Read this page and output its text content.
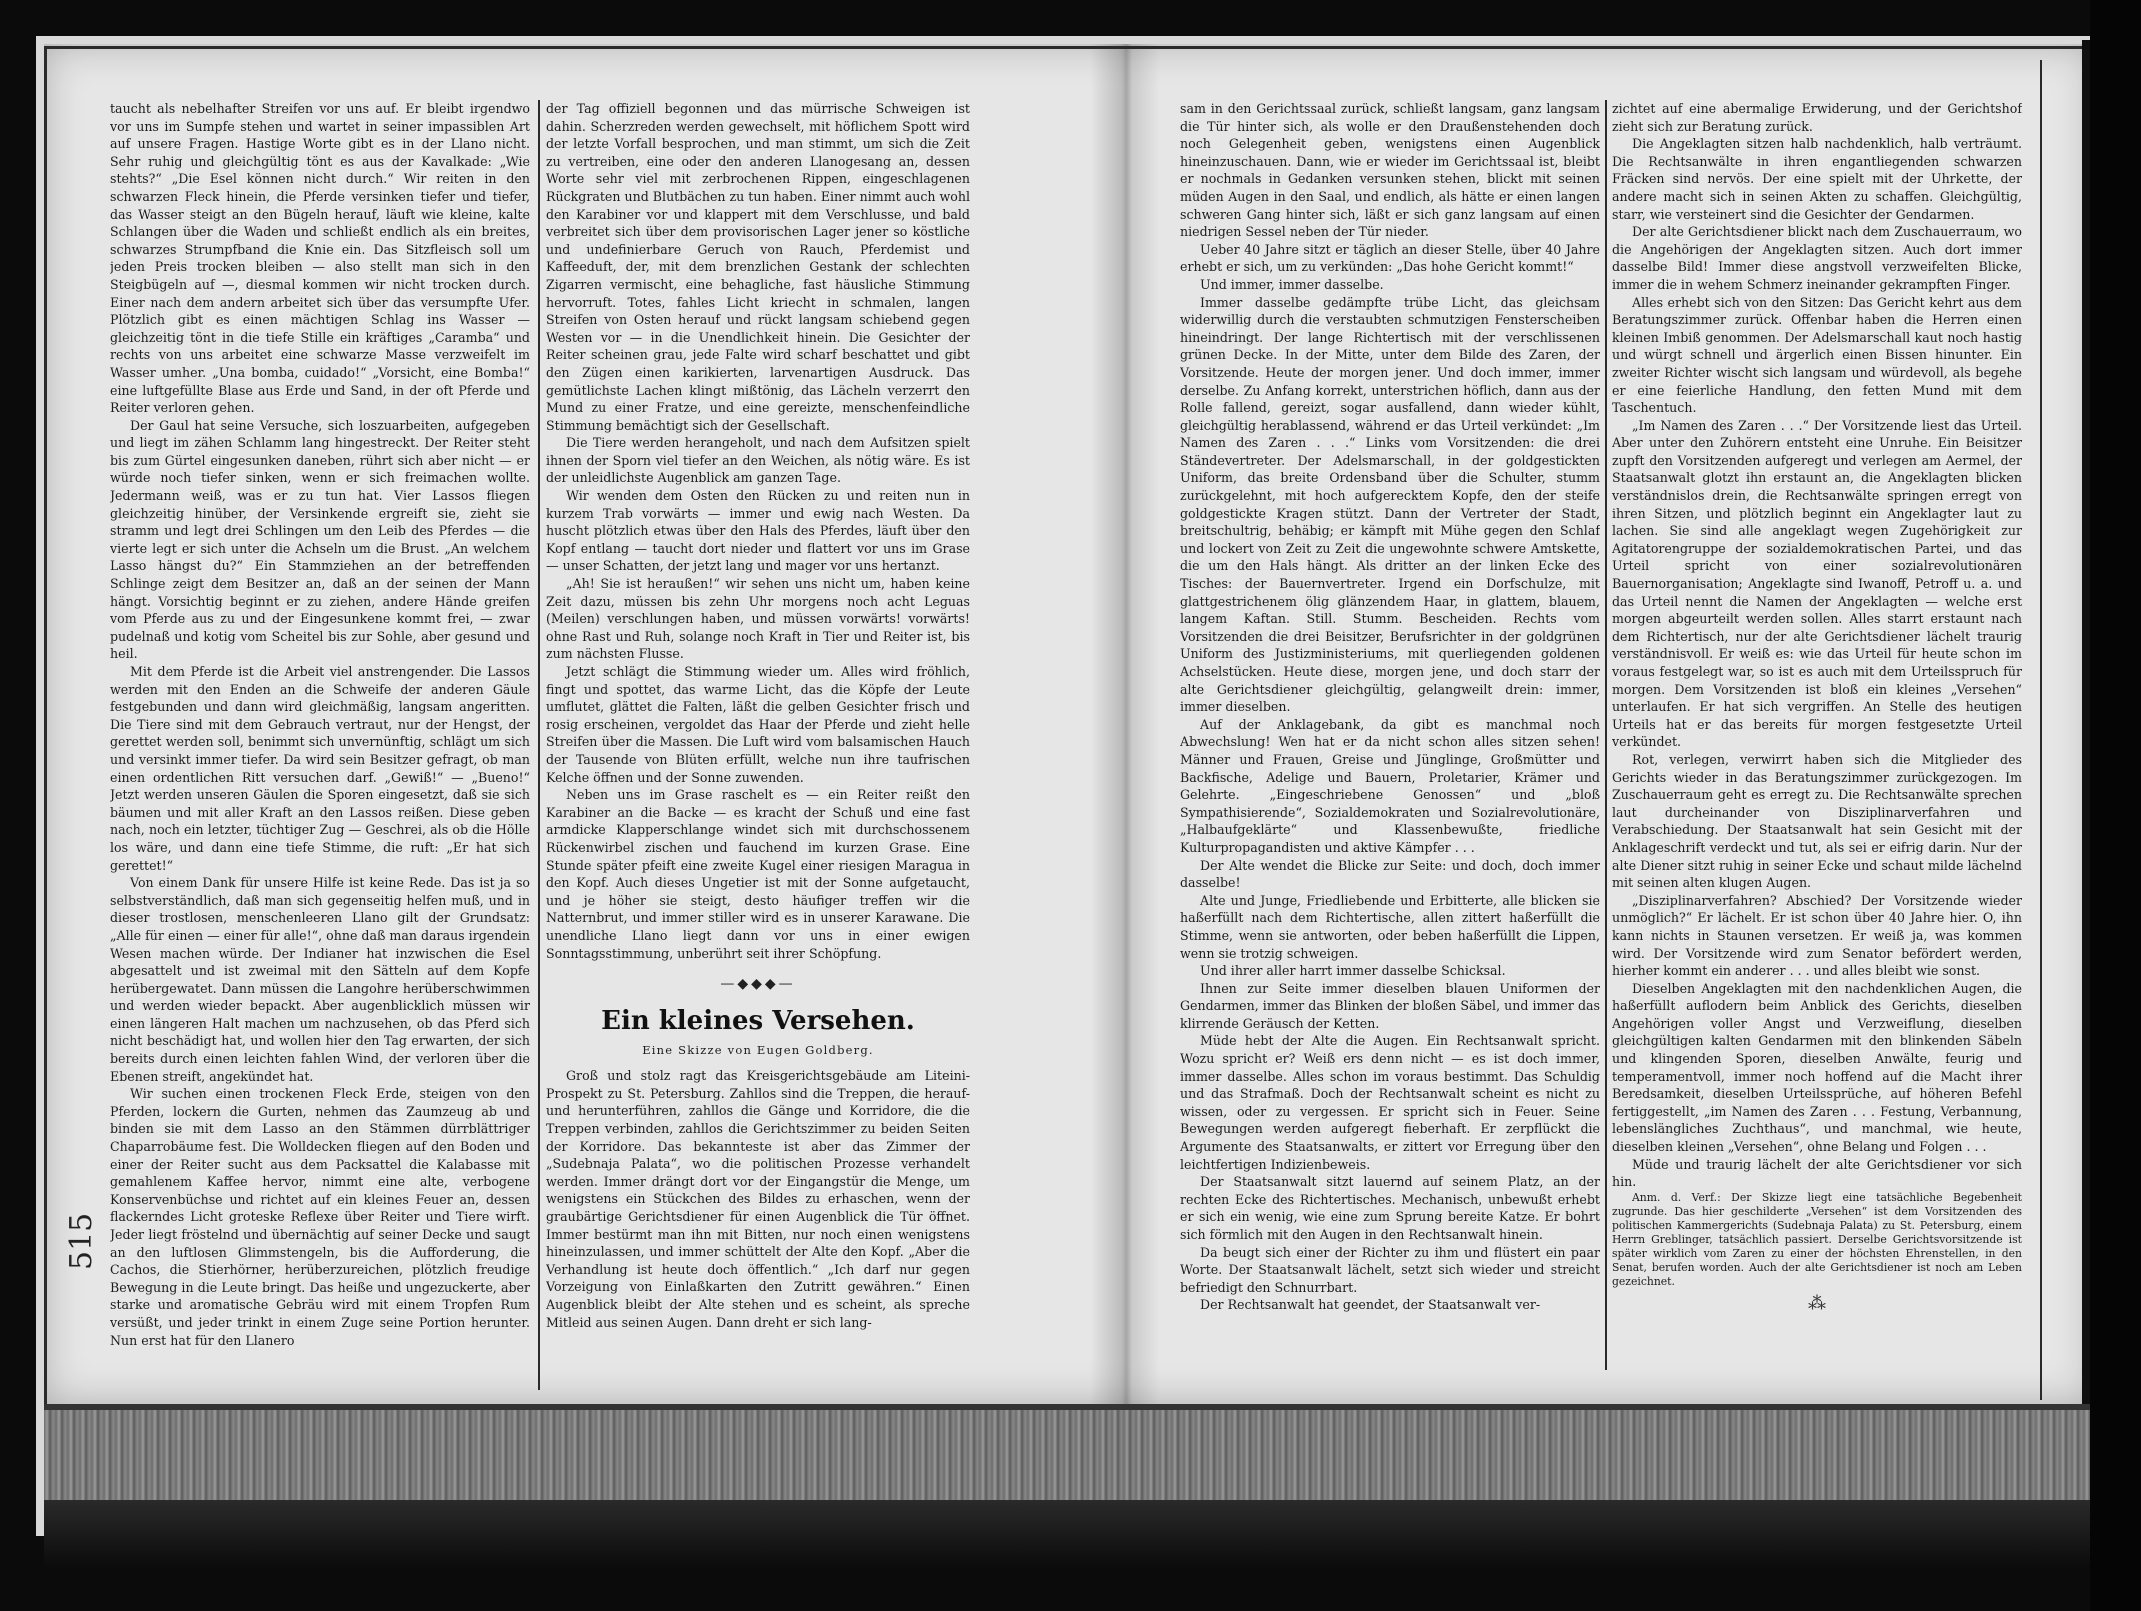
515

taucht als nebelhafter Streifen vor uns auf. Er bleibt irgendwo vor uns im Sumpfe stehen und wartet in seiner impassiblen Art auf unsere Fragen. Hastige Worte gibt es in der Llano nicht. Sehr ruhig und gleichgültig tönt es aus der Kavalkade: „Wie stehts?“ „Die Esel können nicht durch.“ Wir reiten in den schwarzen Fleck hinein, die Pferde versinken tiefer und tiefer, das Wasser steigt an den Bügeln herauf, läuft wie kleine, kalte Schlangen über die Waden und schließt endlich als ein breites, schwarzes Strumpfband die Knie ein. Das Sitzfleisch soll um jeden Preis trocken bleiben — also stellt man sich in den Steigbügeln auf —, diesmal kommen wir nicht trocken durch. Einer nach dem andern arbeitet sich über das versumpfte Ufer. Plötzlich gibt es einen mächtigen Schlag ins Wasser — gleichzeitig tönt in die tiefe Stille ein kräftiges „Caramba“ und rechts von uns arbeitet eine schwarze Masse verzweifelt im Wasser umher. „Una bomba, cuidado!“ „Vorsicht, eine Bomba!“ eine luftgefüllte Blase aus Erde und Sand, in der oft Pferde und Reiter verloren gehen.

Der Gaul hat seine Versuche, sich loszuarbeiten, aufgegeben und liegt im zähen Schlamm lang hingestreckt. Der Reiter steht bis zum Gürtel eingesunken daneben, rührt sich aber nicht — er würde noch tiefer sinken, wenn er sich freimachen wollte. Jedermann weiß, was er zu tun hat. Vier Lassos fliegen gleichzeitig hinüber, der Versinkende ergreift sie, zieht sie stramm und legt drei Schlingen um den Leib des Pferdes — die vierte legt er sich unter die Achseln um die Brust. „An welchem Lasso hängst du?“ Ein Stammziehen an der betreffenden Schlinge zeigt dem Besitzer an, daß an der seinen der Mann hängt. Vorsichtig beginnt er zu ziehen, andere Hände greifen vom Pferde aus zu und der Eingesunkene kommt frei, — zwar pudelnaß und kotig vom Scheitel bis zur Sohle, aber gesund und heil.

Mit dem Pferde ist die Arbeit viel anstrengender. Die Lassos werden mit den Enden an die Schweife der anderen Gäule festgebunden und dann wird gleichmäßig, langsam angeritten. Die Tiere sind mit dem Gebrauch vertraut, nur der Hengst, der gerettet werden soll, benimmt sich unvernünftig, schlägt um sich und versinkt immer tiefer. Da wird sein Besitzer gefragt, ob man einen ordentlichen Ritt versuchen darf. „Gewiß!“ — „Bueno!“ Jetzt werden unseren Gäulen die Sporen eingesetzt, daß sie sich bäumen und mit aller Kraft an den Lassos reißen. Diese geben nach, noch ein letzter, tüchtiger Zug — Geschrei, als ob die Hölle los wäre, und dann eine tiefe Stimme, die ruft: „Er hat sich gerettet!“

Von einem Dank für unsere Hilfe ist keine Rede. Das ist ja so selbstverständlich, daß man sich gegenseitig helfen muß, und in dieser trostlosen, menschenleeren Llano gilt der Grundsatz: „Alle für einen — einer für alle!“, ohne daß man daraus irgendein Wesen machen würde. Der Indianer hat inzwischen die Esel abgesattelt und ist zweimal mit den Sätteln auf dem Kopfe herübergewatet. Dann müssen die Langohre herüberschwimmen und werden wieder bepackt. Aber augenblicklich müssen wir einen längeren Halt machen um nachzusehen, ob das Pferd sich nicht beschädigt hat, und wollen hier den Tag erwarten, der sich bereits durch einen leichten fahlen Wind, der verloren über die Ebenen streift, angekündet hat.

Wir suchen einen trockenen Fleck Erde, steigen von den Pferden, lockern die Gurten, nehmen das Zaumzeug ab und binden sie mit dem Lasso an den Stämmen dürrblättriger Chaparrobäume fest. Die Wolldecken fliegen auf den Boden und einer der Reiter sucht aus dem Packsattel die Kalabasse mit gemahlenem Kaffee hervor, nimmt eine alte, verbogene Konservenbüchse und richtet auf ein kleines Feuer an, dessen flackerndes Licht groteske Reflexe über Reiter und Tiere wirft. Jeder liegt fröstelnd und übernächtig auf seiner Decke und saugt an den luftlosen Glimmstengeln, bis die Aufforderung, die Cachos, die Stierhörner, herüberzureichen, plötzlich freudige Bewegung in die Leute bringt. Das heiße und ungezuckerte, aber starke und aromatische Gebräu wird mit einem Tropfen Rum versüßt, und jeder trinkt in einem Zuge seine Portion herunter. Nun erst hat für den Llanero

der Tag offiziell begonnen und das mürrische Schweigen ist dahin. Scherzreden werden gewechselt, mit höflichem Spott wird der letzte Vorfall besprochen, und man stimmt, um sich die Zeit zu vertreiben, eine oder den anderen Llanogesang an, dessen Worte sehr viel mit zerbrochenen Rippen, eingeschlagenen Rückgraten und Blutbächen zu tun haben. Einer nimmt auch wohl den Karabiner vor und klappert mit dem Verschlusse, und bald verbreitet sich über dem provisorischen Lager jener so köstliche und undefinierbare Geruch von Rauch, Pferdemist und Kaffeeduft, der, mit dem brenzlichen Gestank der schlechten Zigarren vermischt, eine behagliche, fast häusliche Stimmung hervorruft. Totes, fahles Licht kriecht in schmalen, langen Streifen von Osten herauf und rückt langsam schiebend gegen Westen vor — in die Unendlichkeit hinein. Die Gesichter der Reiter scheinen grau, jede Falte wird scharf beschattet und gibt den Zügen einen karikierten, larvenartigen Ausdruck. Das gemütlichste Lachen klingt mißtönig, das Lächeln verzerrt den Mund zu einer Fratze, und eine gereizte, menschenfeindliche Stimmung bemächtigt sich der Gesellschaft.

Die Tiere werden herangeholt, und nach dem Aufsitzen spielt ihnen der Sporn viel tiefer an den Weichen, als nötig wäre. Es ist der unleidlichste Augenblick am ganzen Tage.

Wir wenden dem Osten den Rücken zu und reiten nun in kurzem Trab vorwärts — immer und ewig nach Westen. Da huscht plötzlich etwas über den Hals des Pferdes, läuft über den Kopf entlang — taucht dort nieder und flattert vor uns im Grase — unser Schatten, der jetzt lang und mager vor uns hertanzt.

„Ah! Sie ist heraußen!“ wir sehen uns nicht um, haben keine Zeit dazu, müssen bis zehn Uhr morgens noch acht Leguas (Meilen) verschlungen haben, und müssen vorwärts! vorwärts! ohne Rast und Ruh, solange noch Kraft in Tier und Reiter ist, bis zum nächsten Flusse.

Jetzt schlägt die Stimmung wieder um. Alles wird fröhlich, fingt und spottet, das warme Licht, das die Köpfe der Leute umflutet, glättet die Falten, läßt die gelben Gesichter frisch und rosig erscheinen, vergoldet das Haar der Pferde und zieht helle Streifen über die Massen. Die Luft wird vom balsamischen Hauch der Tausende von Blüten erfüllt, welche nun ihre taufrischen Kelche öffnen und der Sonne zuwenden.

Neben uns im Grase raschelt es — ein Reiter reißt den Karabiner an die Backe — es kracht der Schuß und eine fast armdicke Klapperschlange windet sich mit durchschossenem Rückenwirbel zischen und fauchend im kurzen Grase. Eine Stunde später pfeift eine zweite Kugel einer riesigen Maragua in den Kopf. Auch dieses Ungetier ist mit der Sonne aufgetaucht, und je höher sie steigt, desto häufiger treffen wir die Natternbrut, und immer stiller wird es in unserer Karawane. Die unendliche Llano liegt dann vor uns in einer ewigen Sonntagsstimmung, unberührt seit ihrer Schöpfung.

—◆◆◆—
Ein kleines Versehen.
Eine Skizze von Eugen Goldberg.

Groß und stolz ragt das Kreisgerichtsgebäude am Liteini-Prospekt zu St. Petersburg. Zahllos sind die Treppen, die herauf- und herunterführen, zahllos die Gänge und Korridore, die die Treppen verbinden, zahllos die Gerichtszimmer zu beiden Seiten der Korridore. Das bekannteste ist aber das Zimmer der „Sudebnaja Palata“, wo die politischen Prozesse verhandelt werden. Immer drängt dort vor der Eingangstür die Menge, um wenigstens ein Stückchen des Bildes zu erhaschen, wenn der graubärtige Gerichtsdiener für einen Augenblick die Tür öffnet. Immer bestürmt man ihn mit Bitten, nur noch einen wenigstens hineinzulassen, und immer schüttelt der Alte den Kopf. „Aber die Verhandlung ist heute doch öffentlich.“ „Ich darf nur gegen Vorzeigung von Einlaßkarten den Zutritt gewähren.“ Einen Augenblick bleibt der Alte stehen und es scheint, als spreche Mitleid aus seinen Augen. Dann dreht er sich lang-

sam in den Gerichtssaal zurück, schließt langsam, ganz langsam die Tür hinter sich, als wolle er den Draußenstehenden doch noch Gelegenheit geben, wenigstens einen Augenblick hineinzuschauen. Dann, wie er wieder im Gerichtssaal ist, bleibt er nochmals in Gedanken versunken stehen, blickt mit seinen müden Augen in den Saal, und endlich, als hätte er einen langen schweren Gang hinter sich, läßt er sich ganz langsam auf einen niedrigen Sessel neben der Tür nieder.

Ueber 40 Jahre sitzt er täglich an dieser Stelle, über 40 Jahre erhebt er sich, um zu verkünden: „Das hohe Gericht kommt!“

Und immer, immer dasselbe.

Immer dasselbe gedämpfte trübe Licht, das gleichsam widerwillig durch die verstaubten schmutzigen Fensterscheiben hineindringt. Der lange Richtertisch mit der verschlissenen grünen Decke. In der Mitte, unter dem Bilde des Zaren, der Vorsitzende. Heute der morgen jener. Und doch immer, immer derselbe. Zu Anfang korrekt, unterstrichen höflich, dann aus der Rolle fallend, gereizt, sogar ausfallend, dann wieder kühlt, gleichgültig herablassend, während er das Urteil verkündet: „Im Namen des Zaren . . .“ Links vom Vorsitzenden: die drei Ständevertreter. Der Adelsmarschall, in der goldgestickten Uniform, das breite Ordensband über die Schulter, stumm zurückgelehnt, mit hoch aufgerecktem Kopfe, den der steife goldgestickte Kragen stützt. Dann der Vertreter der Stadt, breitschultrig, behäbig; er kämpft mit Mühe gegen den Schlaf und lockert von Zeit zu Zeit die ungewohnte schwere Amtskette, die um den Hals hängt. Als dritter an der linken Ecke des Tisches: der Bauernvertreter. Irgend ein Dorfschulze, mit glattgestrichenem ölig glänzendem Haar, in glattem, blauem, langem Kaftan. Still. Stumm. Bescheiden. Rechts vom Vorsitzenden die drei Beisitzer, Berufsrichter in der goldgrünen Uniform des Justizministeriums, mit querliegenden goldenen Achselstücken. Heute diese, morgen jene, und doch starr der alte Gerichtsdiener gleichgültig, gelangweilt drein: immer, immer dieselben.

Auf der Anklagebank, da gibt es manchmal noch Abwechslung! Wen hat er da nicht schon alles sitzen sehen! Männer und Frauen, Greise und Jünglinge, Großmütter und Backfische, Adelige und Bauern, Proletarier, Krämer und Gelehrte. „Eingeschriebene Genossen“ und „bloß Sympathisierende“, Sozialdemokraten und Sozialrevolutionäre, „Halbaufgeklärte“ und Klassenbewußte, friedliche Kulturpropagandisten und aktive Kämpfer . . .

Der Alte wendet die Blicke zur Seite: und doch, doch immer dasselbe!

Alte und Junge, Friedliebende und Erbitterte, alle blicken sie haßerfüllt nach dem Richtertische, allen zittert haßerfüllt die Stimme, wenn sie antworten, oder beben haßerfüllt die Lippen, wenn sie trotzig schweigen.

Und ihrer aller harrt immer dasselbe Schicksal.

Ihnen zur Seite immer dieselben blauen Uniformen der Gendarmen, immer das Blinken der bloßen Säbel, und immer das klirrende Geräusch der Ketten.

Müde hebt der Alte die Augen. Ein Rechtsanwalt spricht. Wozu spricht er? Weiß ers denn nicht — es ist doch immer, immer dasselbe. Alles schon im voraus bestimmt. Das Schuldig und das Strafmaß. Doch der Rechtsanwalt scheint es nicht zu wissen, oder zu vergessen. Er spricht sich in Feuer. Seine Bewegungen werden aufgeregt fieberhaft. Er zerpflückt die Argumente des Staatsanwalts, er zittert vor Erregung über den leichtfertigen Indizienbeweis.

Der Staatsanwalt sitzt lauernd auf seinem Platz, an der rechten Ecke des Richtertisches. Mechanisch, unbewußt erhebt er sich ein wenig, wie eine zum Sprung bereite Katze. Er bohrt sich förmlich mit den Augen in den Rechtsanwalt hinein.

Da beugt sich einer der Richter zu ihm und flüstert ein paar Worte. Der Staatsanwalt lächelt, setzt sich wieder und streicht befriedigt den Schnurrbart.

Der Rechtsanwalt hat geendet, der Staatsanwalt ver-

zichtet auf eine abermalige Erwiderung, und der Gerichtshof zieht sich zur Beratung zurück.

Die Angeklagten sitzen halb nachdenklich, halb verträumt. Die Rechtsanwälte in ihren engantliegenden schwarzen Fräcken sind nervös. Der eine spielt mit der Uhrkette, der andere macht sich in seinen Akten zu schaffen. Gleichgültig, starr, wie versteinert sind die Gesichter der Gendarmen.

Der alte Gerichtsdiener blickt nach dem Zuschauerraum, wo die Angehörigen der Angeklagten sitzen. Auch dort immer dasselbe Bild! Immer diese angstvoll verzweifelten Blicke, immer die in wehem Schmerz ineinander gekrampften Finger.

Alles erhebt sich von den Sitzen: Das Gericht kehrt aus dem Beratungszimmer zurück. Offenbar haben die Herren einen kleinen Imbiß genommen. Der Adelsmarschall kaut noch hastig und würgt schnell und ärgerlich einen Bissen hinunter. Ein zweiter Richter wischt sich langsam und würdevoll, als begehe er eine feierliche Handlung, den fetten Mund mit dem Taschentuch.

„Im Namen des Zaren . . .“ Der Vorsitzende liest das Urteil. Aber unter den Zuhörern entsteht eine Unruhe. Ein Beisitzer zupft den Vorsitzenden aufgeregt und verlegen am Aermel, der Staatsanwalt glotzt ihn erstaunt an, die Angeklagten blicken verständnislos drein, die Rechtsanwälte springen erregt von ihren Sitzen, und plötzlich beginnt ein Angeklagter laut zu lachen. Sie sind alle angeklagt wegen Zugehörigkeit zur Agitatorengruppe der sozialdemokratischen Partei, und das Urteil spricht von einer sozialrevolutionären Bauernorganisation; Angeklagte sind Iwanoff, Petroff u. a. und das Urteil nennt die Namen der Angeklagten — welche erst morgen abgeurteilt werden sollen. Alles starrt erstaunt nach dem Richtertisch, nur der alte Gerichtsdiener lächelt traurig verständnisvoll. Er weiß es: wie das Urteil für heute schon im voraus festgelegt war, so ist es auch mit dem Urteilsspruch für morgen. Dem Vorsitzenden ist bloß ein kleines „Versehen“ unterlaufen. Er hat sich vergriffen. An Stelle des heutigen Urteils hat er das bereits für morgen festgesetzte Urteil verkündet.

Rot, verlegen, verwirrt haben sich die Mitglieder des Gerichts wieder in das Beratungszimmer zurückgezogen. Im Zuschauerraum geht es erregt zu. Die Rechtsanwälte sprechen laut durcheinander von Disziplinarverfahren und Verabschiedung. Der Staatsanwalt hat sein Gesicht mit der Anklageschrift verdeckt und tut, als sei er eifrig darin. Nur der alte Diener sitzt ruhig in seiner Ecke und schaut milde lächelnd mit seinen alten klugen Augen.

„Disziplinarverfahren? Abschied? Der Vorsitzende wieder unmöglich?“ Er lächelt. Er ist schon über 40 Jahre hier. O, ihn kann nichts in Staunen versetzen. Er weiß ja, was kommen wird. Der Vorsitzende wird zum Senator befördert werden, hierher kommt ein anderer . . . und alles bleibt wie sonst.

Dieselben Angeklagten mit den nachdenklichen Augen, die haßerfüllt auflodern beim Anblick des Gerichts, dieselben Angehörigen voller Angst und Verzweiflung, dieselben gleichgültigen kalten Gendarmen mit den blinkenden Säbeln und klingenden Sporen, dieselben Anwälte, feurig und temperamentvoll, immer noch hoffend auf die Macht ihrer Beredsamkeit, dieselben Urteilssprüche, auf höheren Befehl fertiggestellt, „im Namen des Zaren . . . Festung, Verbannung, lebenslängliches Zuchthaus“, und manchmal, wie heute, dieselben kleinen „Versehen“, ohne Belang und Folgen . . .

Müde und traurig lächelt der alte Gerichtsdiener vor sich hin.

Anm. d. Verf.: Der Skizze liegt eine tatsächliche Begebenheit zugrunde. Das hier geschilderte „Versehen“ ist dem Vorsitzenden des politischen Kammergerichts (Sudebnaja Palata) zu St. Petersburg, einem Herrn Greblinger, tatsächlich passiert. Derselbe Gerichtsvorsitzende ist später wirklich vom Zaren zu einer der höchsten Ehrenstellen, in den Senat, berufen worden. Auch der alte Gerichtsdiener ist noch am Leben gezeichnet.

⁂
